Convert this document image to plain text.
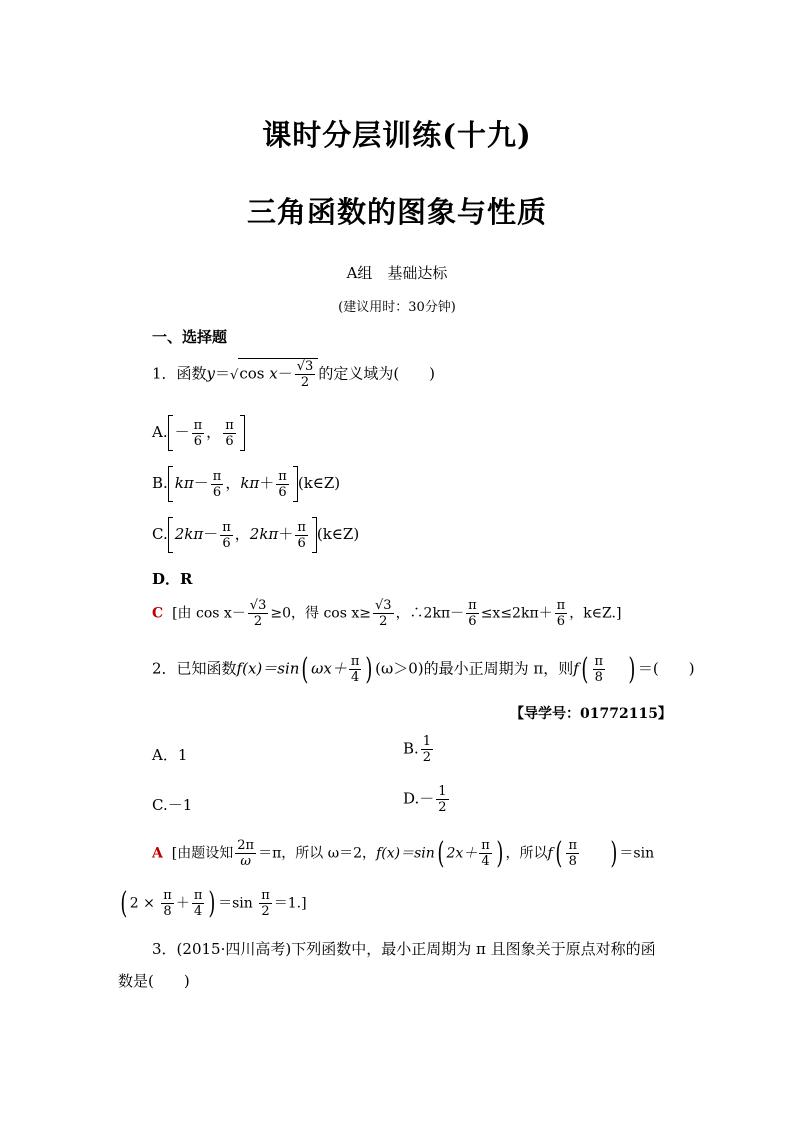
课时分层训练(十九)
三角函数的图象与性质
A组　基础达标
(建议用时：30分钟)
一、选择题
1．函数y＝√cos $x- \frac{√3}{2}$ 的定义域为(　　)
A. － $\frac{\pi}{6}$ ， $\frac{\pi}{6}$
B. $k\pi- \frac{\pi}{6}$ ，$k\pi+ \frac{\pi}{6}$ (k∈Z)
C. $2k\pi- \frac{\pi}{6}$ ，$2k\pi+ \frac{\pi}{6}$ (k∈Z)
D．R
C [由 $\cos x- \frac{√3}{2} \ge 0$，得 $\cos x\ge \frac{√3}{2}$ ，∴2kπ－ $\frac{\pi}{6} \le x\le 2k\pi+ \frac{\pi}{6}$ ，k∈Z.]
2．已知函数f(x)＝sin( $\omega x+ \frac{\pi}{4}$ ) (ω＞0)的最小正周期为 π，则$f( \frac{\pi}{8}$ ) ＝(　　)
【导学号：01772115】
A．1	B. $\frac{1}{2}$
C.－1	$D.- \frac{1}{2}$
A [由题设知 $\frac{2\pi}{\omega} =\pi$，所以 ω＝2，f(x)＝sin( $2x+ \frac{\pi}{4}$ ) ，所以$f( \frac{\pi}{8}$ ) ＝sin
( $2 \times \frac{\pi}{8} + \frac{\pi}{4}$ ) $=\sin \frac{\pi}{2} =1$.]
3．(2015·四川高考)下列函数中，最小正周期为 π 且图象关于原点对称的函
数是(　　)
